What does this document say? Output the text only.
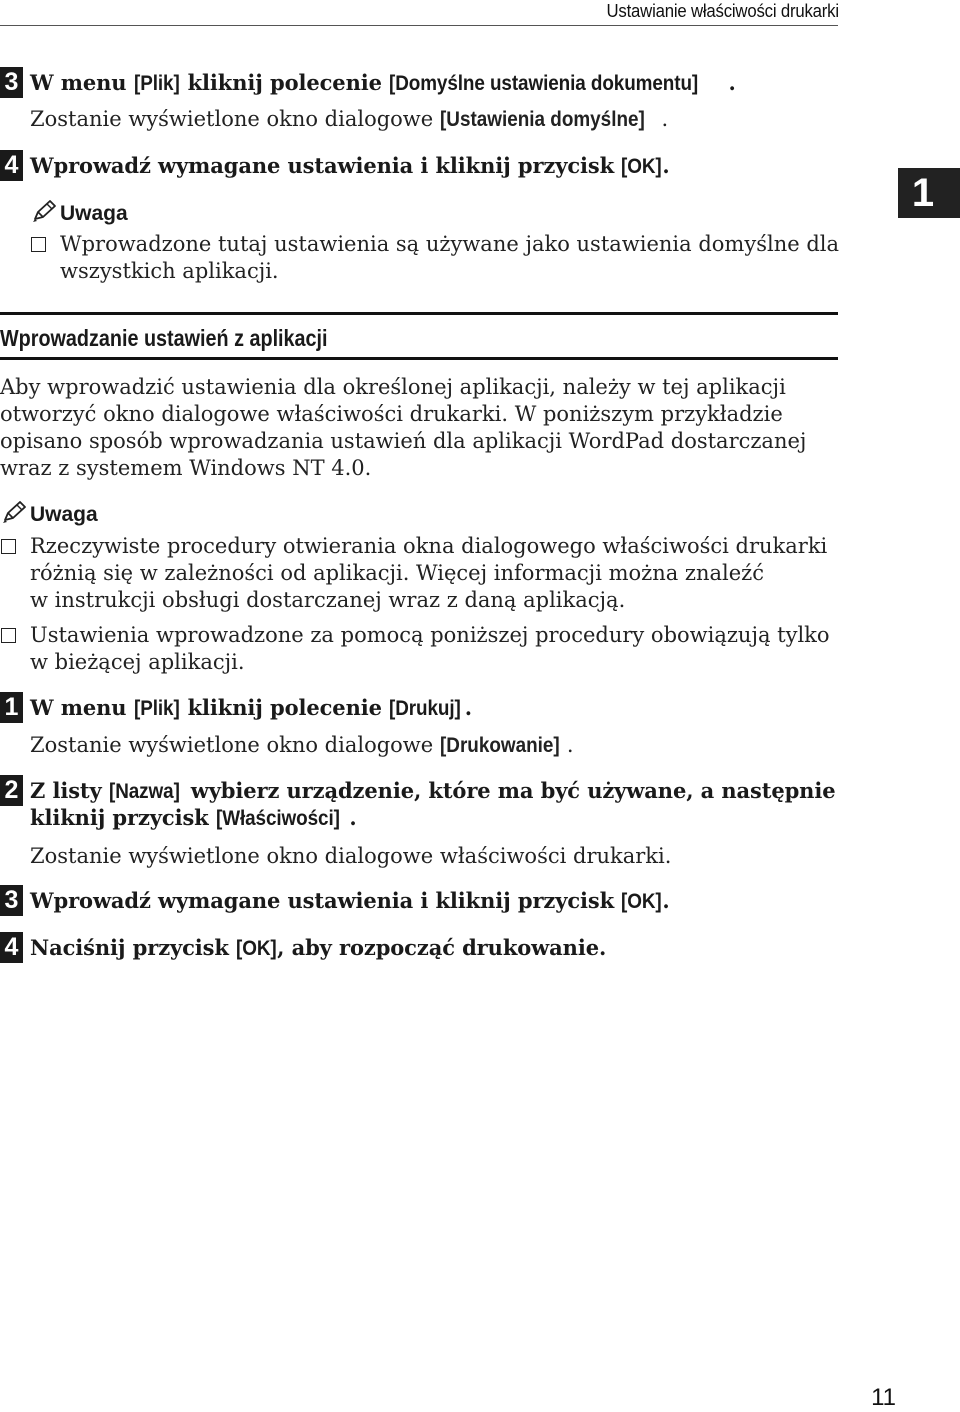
Ustawianie właściwości drukarki
1
3 W menu [Plik] kliknij polecenie [Domyślne ustawienia dokumentu] .
Zostanie wyświetlone okno dialogowe [Ustawienia domyślne] .
4 Wprowadź wymagane ustawienia i kliknij przycisk [OK].
Uwaga
Wprowadzone tutaj ustawienia są używane jako ustawienia domyślne dla
wszystkich aplikacji.
Wprowadzanie ustawień z aplikacji
Aby wprowadzić ustawienia dla określonej aplikacji, należy w tej aplikacji
otworzyć okno dialogowe właściwości drukarki. W poniższym przykładzie
opisano sposób wprowadzania ustawień dla aplikacji WordPad dostarczanej
wraz z systemem Windows NT 4.0.
Uwaga
Rzeczywiste procedury otwierania okna dialogowego właściwości drukarki
różnią się w zależności od aplikacji. Więcej informacji można znaleźć
w instrukcji obsługi dostarczanej wraz z daną aplikacją.
Ustawienia wprowadzone za pomocą poniższej procedury obowiązują tylko
w bieżącej aplikacji.
1 W menu [Plik] kliknij polecenie [Drukuj] .
Zostanie wyświetlone okno dialogowe [Drukowanie] .
2 Z listy [Nazwa] wybierz urządzenie, które ma być używane, a następnie
kliknij przycisk [Właściwości] .
Zostanie wyświetlone okno dialogowe właściwości drukarki.
3 Wprowadź wymagane ustawienia i kliknij przycisk [OK].
4 Naciśnij przycisk [OK], aby rozpocząć drukowanie.
11
